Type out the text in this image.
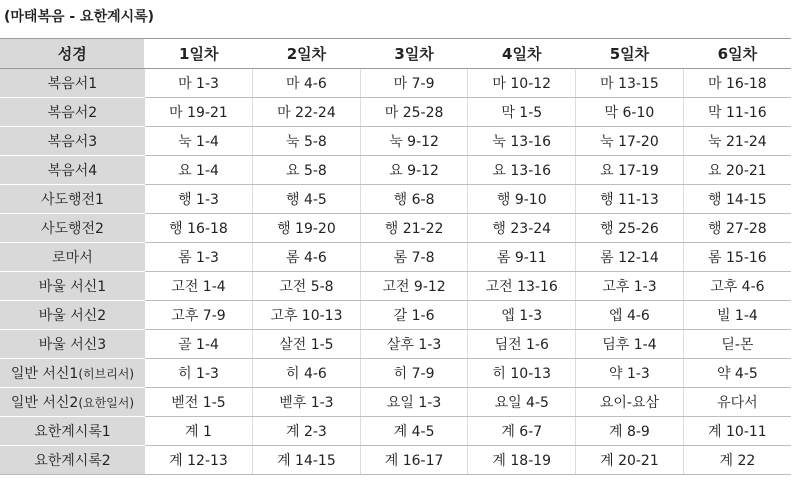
(마태복음 - 요한계시록)
성경	1일차	2일차	3일차	4일차	5일차	6일차
복음서1	마 1-3	마 4-6	마 7-9	마 10-12	마 13-15	마 16-18
복음서2	마 19-21	마 22-24	마 25-28	막 1-5	막 6-10	막 11-16
복음서3	눅 1-4	눅 5-8	눅 9-12	눅 13-16	눅 17-20	눅 21-24
복음서4	요 1-4	요 5-8	요 9-12	요 13-16	요 17-19	요 20-21
사도행전1	행 1-3	행 4-5	행 6-8	행 9-10	행 11-13	행 14-15
사도행전2	행 16-18	행 19-20	행 21-22	행 23-24	행 25-26	행 27-28
로마서	롬 1-3	롬 4-6	롬 7-8	롬 9-11	롬 12-14	롬 15-16
바울 서신1	고전 1-4	고전 5-8	고전 9-12	고전 13-16	고후 1-3	고후 4-6
바울 서신2	고후 7-9	고후 10-13	갈 1-6	엡 1-3	엡 4-6	빌 1-4
바울 서신3	골 1-4	살전 1-5	살후 1-3	딤전 1-6	딤후 1-4	딛-몬
일반 서신1(히브리서)	히 1-3	히 4-6	히 7-9	히 10-13	약 1-3	약 4-5
일반 서신2(요한일서)	벧전 1-5	벧후 1-3	요일 1-3	요일 4-5	요이-요삼	유다서
요한계시록1	계 1	계 2-3	계 4-5	계 6-7	계 8-9	계 10-11
요한계시록2	계 12-13	계 14-15	계 16-17	계 18-19	계 20-21	계 22
